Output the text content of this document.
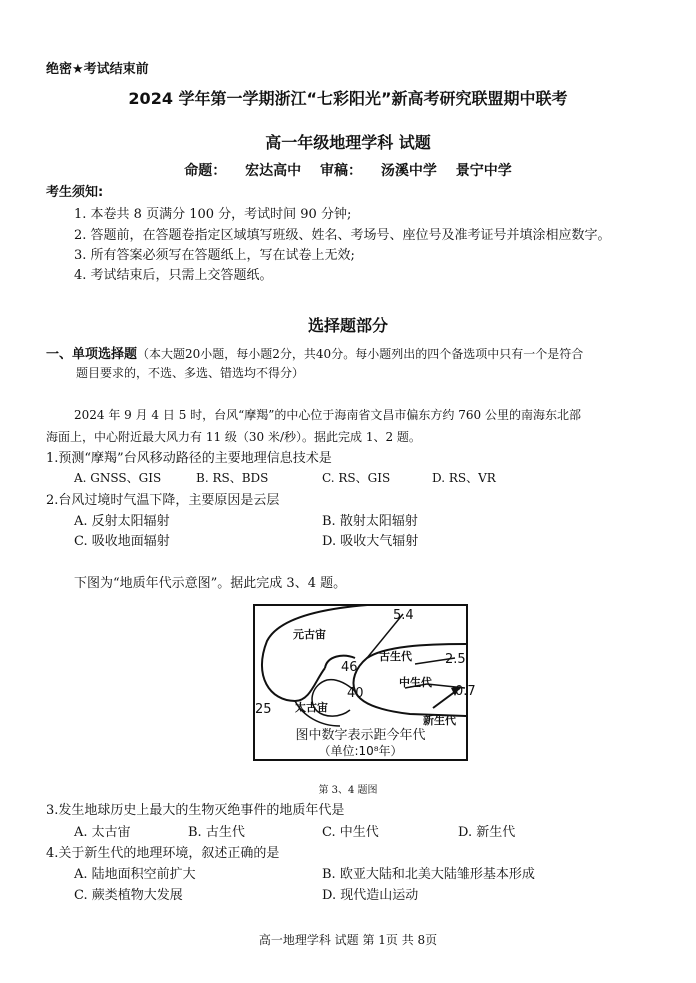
绝密★考试结束前
2024 学年第一学期浙江“七彩阳光”新高考研究联盟期中联考
高一年级地理学科 试题
命题： 宏达高中 审稿： 汤溪中学 景宁中学
考生须知:
1. 本卷共 8 页满分 100 分，考试时间 90 分钟;
2. 答题前，在答题卷指定区域填写班级、姓名、考场号、座位号及准考证号并填涂相应数字。
3. 所有答案必须写在答题纸上，写在试卷上无效;
4. 考试结束后，只需上交答题纸。
选择题部分
一、单项选择题（本大题20小题，每小题2分，共40分。每小题列出的四个备选项中只有一个是符合
题目要求的，不选、多选、错选均不得分）
2024 年 9 月 4 日 5 时，台风“摩羯”的中心位于海南省文昌市偏东方约 760 公里的南海东北部
海面上，中心附近最大风力有 11 级（30 米/秒）。据此完成 1、2 题。
1.预测“摩羯”台风移动路径的主要地理信息技术是
A. GNSS、GIS	B. RS、BDS	C. RS、GIS	D. RS、VR
2.台风过境时气温下降，主要原因是云层
A. 反射太阳辐射	B. 散射太阳辐射
C. 吸收地面辐射	D. 吸收大气辐射
下图为“地质年代示意图”。据此完成 3、4 题。
元古宙
古生代
中生代
太古宙
新生代
5.4
2.5
0.7
46
40
25
图中数字表示距今年代
（单位:10⁸年）
第 3、4 题图
3.发生地球历史上最大的生物灭绝事件的地质年代是
A. 太古宙	B. 古生代	C. 中生代	D. 新生代
4.关于新生代的地理环境，叙述正确的是
A. 陆地面积空前扩大	B. 欧亚大陆和北美大陆雏形基本形成
C. 蕨类植物大发展	D. 现代造山运动
高一地理学科 试题 第 1页 共 8页
